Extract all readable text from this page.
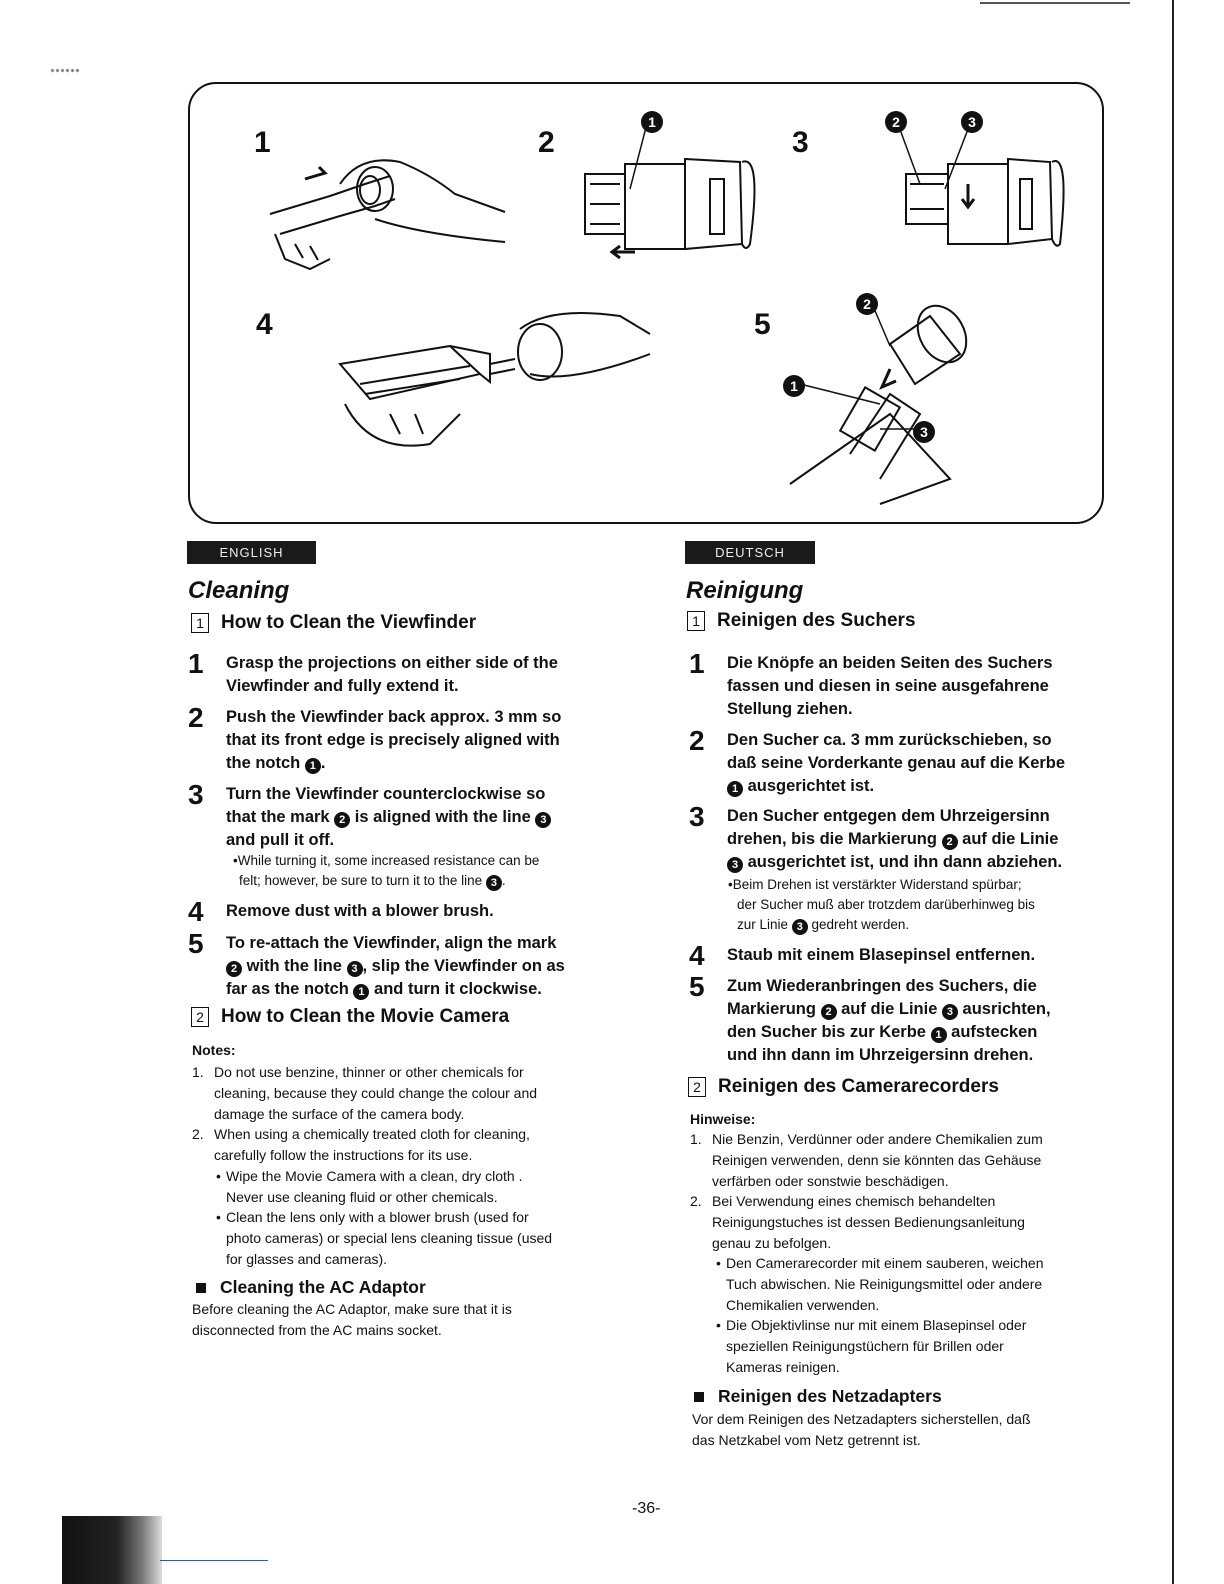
1	2	3
2
1
3
1	2	3
4	5
ENGLISH
Cleaning
1 How to Clean the Viewfinder
1	Grasp the projections on either side of the
Viewfinder and fully extend it.
2	Push the Viewfinder back approx. 3 mm so
that its front edge is precisely aligned with
the notch 1 .
3	Turn the Viewfinder counterclockwise so
that the mark 2 is aligned with the line 3
and pull it off.
•While turning it, some increased resistance can be
felt; however, be sure to turn it to the line 3 .
4	Remove dust with a blower brush.
5	To re-attach the Viewfinder, align the mark
2 with the line 3 , slip the Viewfinder on as
far as the notch 1 and turn it clockwise.
2 How to Clean the Movie Camera
Notes:
1. Do not use benzine, thinner or other chemicals for
cleaning, because they could change the colour and
damage the surface of the camera body.
2. When using a chemically treated cloth for cleaning,
carefully follow the instructions for its use.
• Wipe the Movie Camera with a clean, dry cloth .
Never use cleaning fluid or other chemicals.
• Clean the lens only with a blower brush (used for
photo cameras) or special lens cleaning tissue (used
for glasses and cameras).
Cleaning the AC Adaptor
Before cleaning the AC Adaptor, make sure that it is
disconnected from the AC mains socket.
DEUTSCH
Reinigung
1 Reinigen des Suchers
1	Die Knöpfe an beiden Seiten des Suchers
fassen und diesen in seine ausgefahrene
Stellung ziehen.
2	Den Sucher ca. 3 mm zurückschieben, so
daß seine Vorderkante genau auf die Kerbe
1 ausgerichtet ist.
3	Den Sucher entgegen dem Uhrzeigersinn
drehen, bis die Markierung 2 auf die Linie
3 ausgerichtet ist, und ihn dann abziehen.
•Beim Drehen ist verstärkter Widerstand spürbar;
der Sucher muß aber trotzdem darüberhinweg bis
zur Linie 3 gedreht werden.
4	Staub mit einem Blasepinsel entfernen.
5	Zum Wiederanbringen des Suchers, die
Markierung 2 auf die Linie 3 ausrichten,
den Sucher bis zur Kerbe 1 aufstecken
und ihn dann im Uhrzeigersinn drehen.
2 Reinigen des Camerarecorders
Hinweise:
1. Nie Benzin, Verdünner oder andere Chemikalien zum
Reinigen verwenden, denn sie könnten das Gehäuse
verfärben oder sonstwie beschädigen.
2. Bei Verwendung eines chemisch behandelten
Reinigungstuches ist dessen Bedienungsanleitung
genau zu befolgen.
• Den Camerarecorder mit einem sauberen, weichen
Tuch abwischen. Nie Reinigungsmittel oder andere
Chemikalien verwenden.
• Die Objektivlinse nur mit einem Blasepinsel oder
speziellen Reinigungstüchern für Brillen oder
Kameras reinigen.
Reinigen des Netzadapters
Vor dem Reinigen des Netzadapters sicherstellen, daß
das Netzkabel vom Netz getrennt ist.
-36-
